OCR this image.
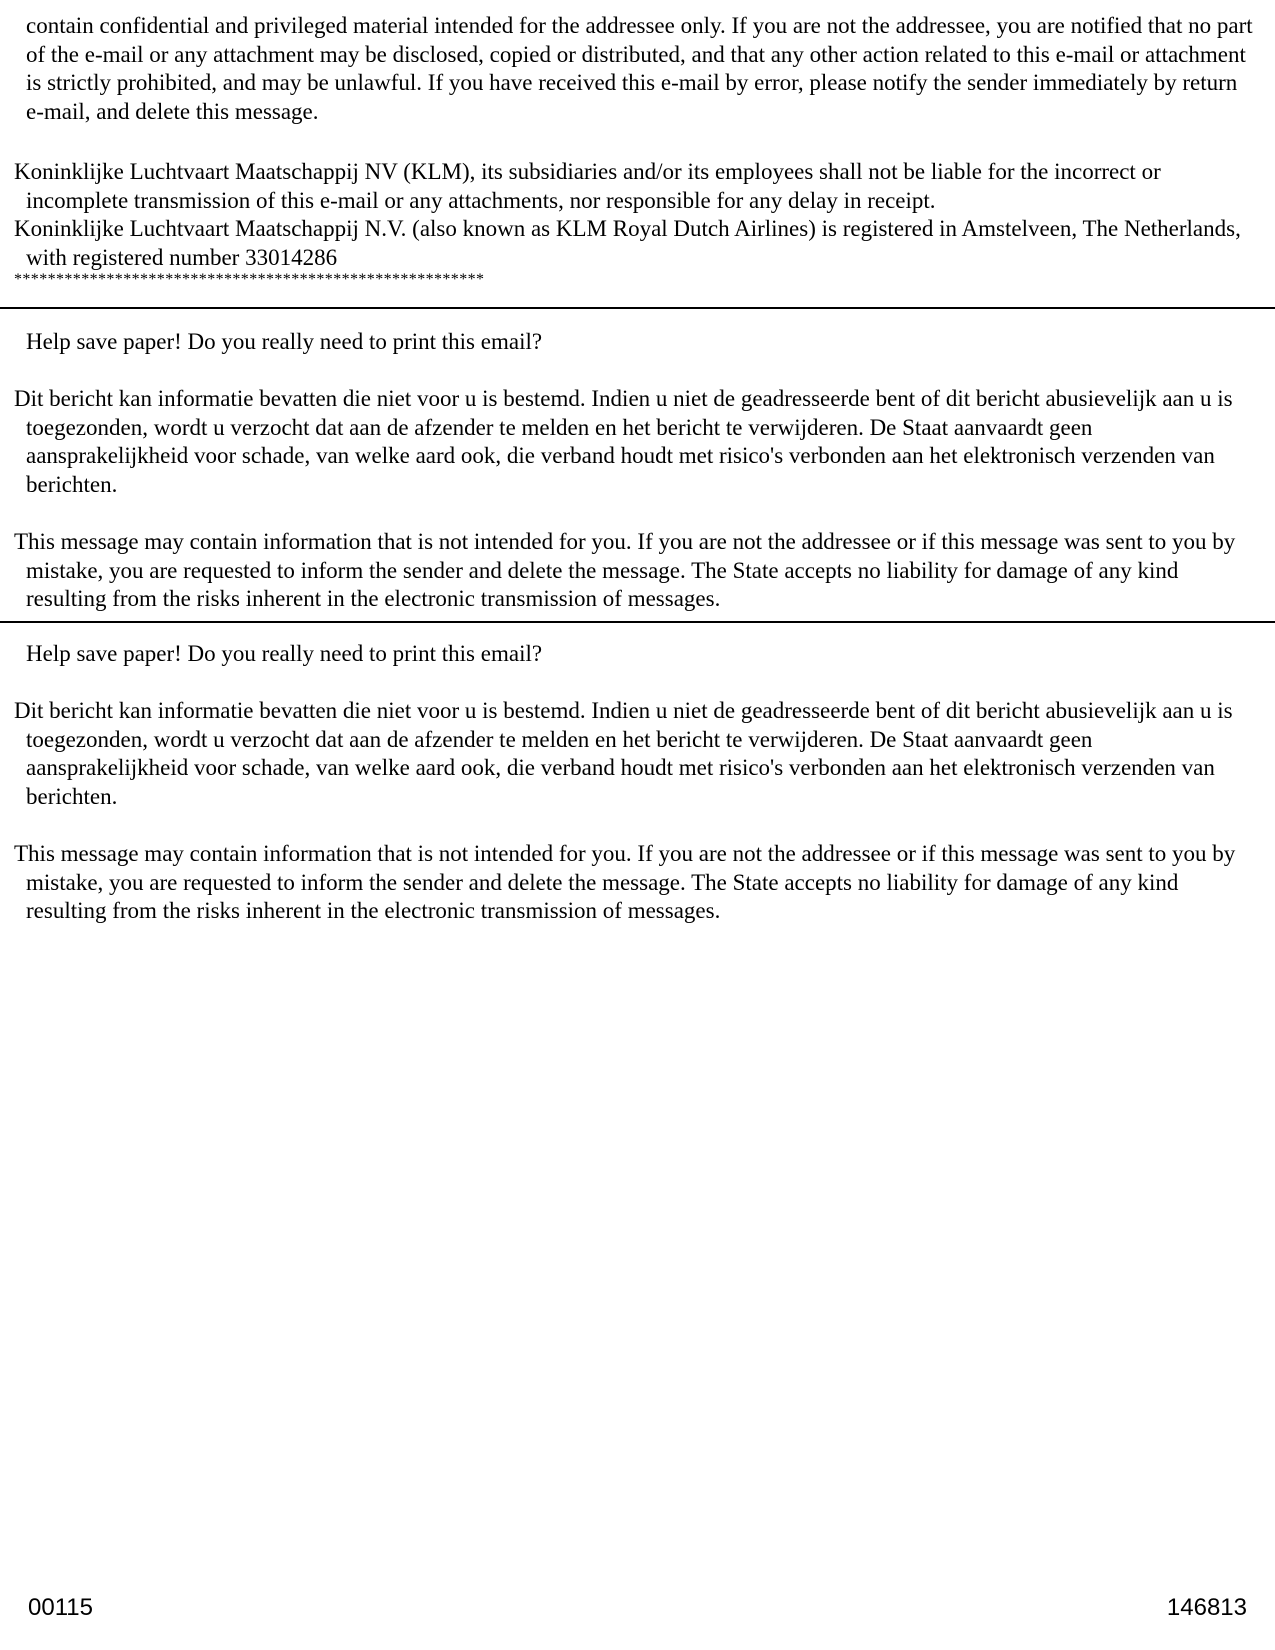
contain confidential and privileged material intended for the addressee only. If you are not the addressee, you are notified that no part of the e-mail or any attachment may be disclosed, copied or distributed, and that any other action related to this e-mail or attachment is strictly prohibited, and may be unlawful. If you have received this e-mail by error, please notify the sender immediately by return e-mail, and delete this message.

Koninklijke Luchtvaart Maatschappij NV (KLM), its subsidiaries and/or its employees shall not be liable for the incorrect or incomplete transmission of this e-mail or any attachments, nor responsible for any delay in receipt.

Koninklijke Luchtvaart Maatschappij N.V. (also known as KLM Royal Dutch Airlines) is registered in Amstelveen, The Netherlands, with registered number 33014286

********************************************************

Help save paper! Do you really need to print this email?

Dit bericht kan informatie bevatten die niet voor u is bestemd. Indien u niet de geadresseerde bent of dit bericht abusievelijk aan u is toegezonden, wordt u verzocht dat aan de afzender te melden en het bericht te verwijderen. De Staat aanvaardt geen aansprakelijkheid voor schade, van welke aard ook, die verband houdt met risico's verbonden aan het elektronisch verzenden van berichten.

This message may contain information that is not intended for you. If you are not the addressee or if this message was sent to you by mistake, you are requested to inform the sender and delete the message. The State accepts no liability for damage of any kind resulting from the risks inherent in the electronic transmission of messages.

Help save paper! Do you really need to print this email?

Dit bericht kan informatie bevatten die niet voor u is bestemd. Indien u niet de geadresseerde bent of dit bericht abusievelijk aan u is toegezonden, wordt u verzocht dat aan de afzender te melden en het bericht te verwijderen. De Staat aanvaardt geen aansprakelijkheid voor schade, van welke aard ook, die verband houdt met risico's verbonden aan het elektronisch verzenden van berichten.

This message may contain information that is not intended for you. If you are not the addressee or if this message was sent to you by mistake, you are requested to inform the sender and delete the message. The State accepts no liability for damage of any kind resulting from the risks inherent in the electronic transmission of messages.

00115	146813
